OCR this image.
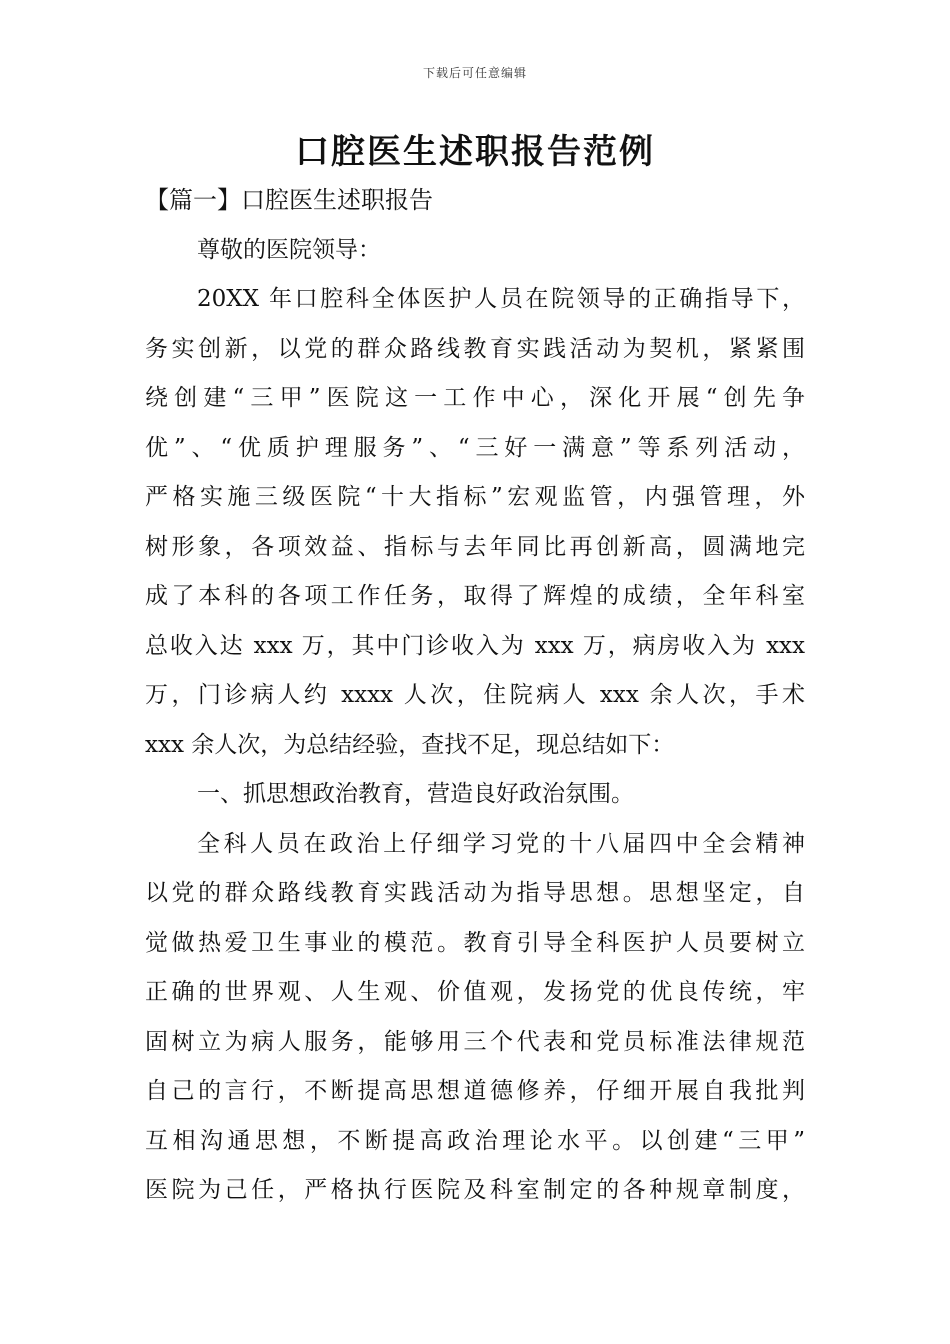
下载后可任意编辑
口腔医生述职报告范例
【篇一】口腔医生述职报告
尊敬的医院领导：
20XX 年口腔科全体医护人员在院领导的正确指导下，
务实创新，以党的群众路线教育实践活动为契机，紧紧围
绕创建“三甲”医院这一工作中心，深化开展“创先争
优”、“优质护理服务”、“三好一满意”等系列活动，
严格实施三级医院“十大指标”宏观监管，内强管理，外
树形象，各项效益、指标与去年同比再创新高，圆满地完
成了本科的各项工作任务，取得了辉煌的成绩，全年科室
总收入达 xxx 万，其中门诊收入为 xxx 万，病房收入为 xxx
万，门诊病人约 xxxx 人次，住院病人 xxx 余人次，手术
xxx 余人次，为总结经验，查找不足，现总结如下：
一、抓思想政治教育，营造良好政治氛围。
全科人员在政治上仔细学习党的十八届四中全会精神
以党的群众路线教育实践活动为指导思想。思想坚定，自
觉做热爱卫生事业的模范。教育引导全科医护人员要树立
正确的世界观、人生观、价值观，发扬党的优良传统，牢
固树立为病人服务，能够用三个代表和党员标准法律规范
自己的言行，不断提高思想道德修养，仔细开展自我批判
互相沟通思想，不断提高政治理论水平。以创建“三甲”
医院为己任，严格执行医院及科室制定的各种规章制度，
